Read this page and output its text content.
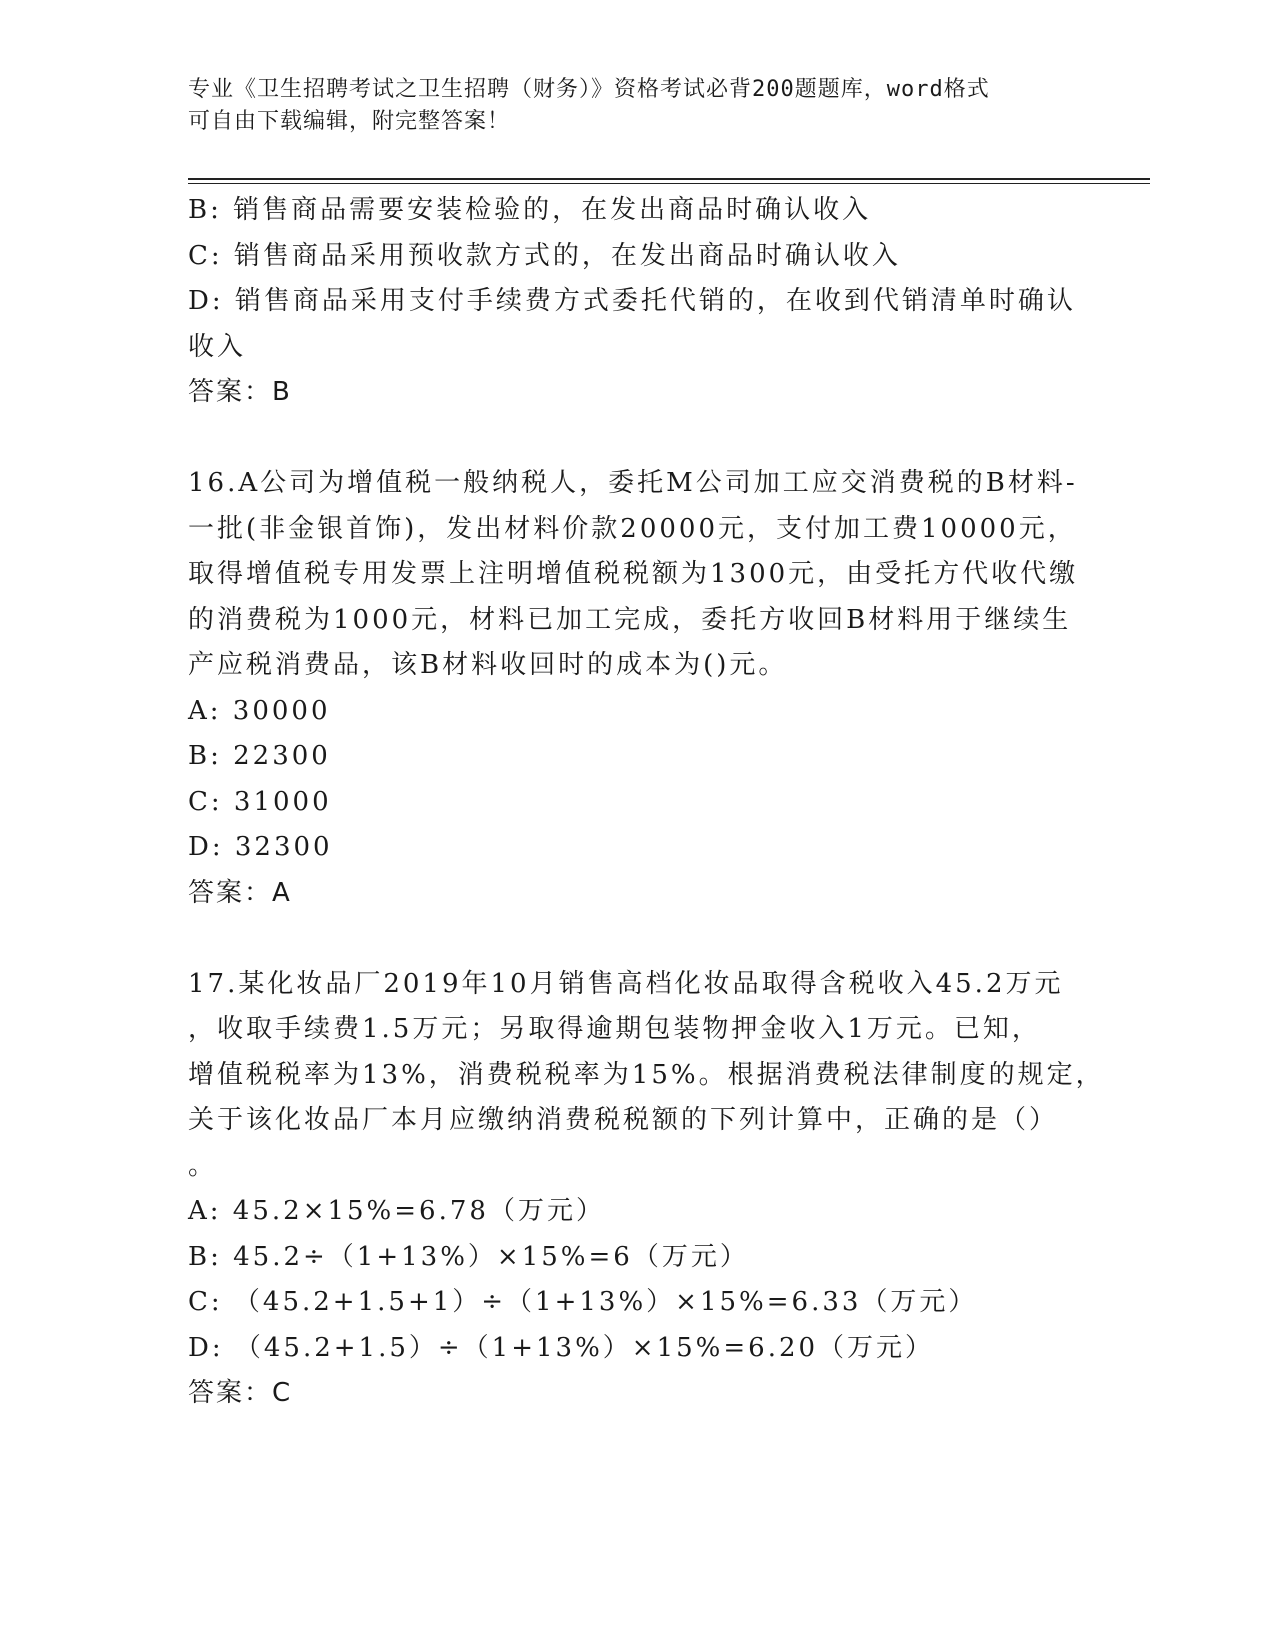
专业《卫生招聘考试之卫生招聘（财务）》资格考试必背200题题库，word格式
可自由下载编辑，附完整答案！
B: 销售商品需要安装检验的，在发出商品时确认收入
C: 销售商品采用预收款方式的，在发出商品时确认收入
D: 销售商品采用支付手续费方式委托代销的，在收到代销清单时确认
收入
答案：B
16.A公司为增值税一般纳税人，委托M公司加工应交消费税的B材料-
一批(非金银首饰)，发出材料价款20000元，支付加工费10000元，
取得增值税专用发票上注明增值税税额为1300元，由受托方代收代缴
的消费税为1000元，材料已加工完成，委托方收回B材料用于继续生
产应税消费品，该B材料收回时的成本为()元。
A: 30000
B: 22300
C: 31000
D: 32300
答案：A
17.某化妆品厂2019年10月销售高档化妆品取得含税收入45.2万元
，收取手续费1.5万元；另取得逾期包装物押金收入1万元。已知，
增值税税率为13%，消费税税率为15%。根据消费税法律制度的规定，
关于该化妆品厂本月应缴纳消费税税额的下列计算中，正确的是（）
。
A: 45.2×15%=6.78（万元）
B: 45.2÷（1+13%）×15%=6（万元）
C: （45.2+1.5+1）÷（1+13%）×15%=6.33（万元）
D: （45.2+1.5）÷（1+13%）×15%=6.20（万元）
答案：C
